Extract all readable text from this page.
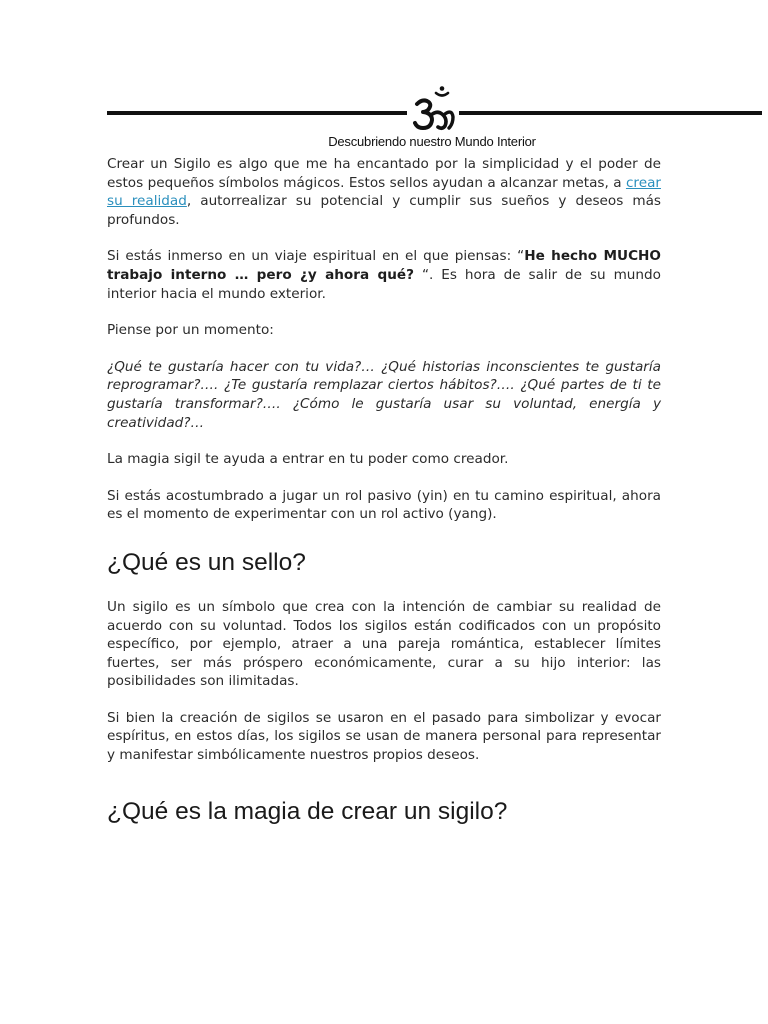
Descubriendo nuestro Mundo Interior

Crear un Sigilo es algo que me ha encantado por la simplicidad y el poder de estos pequeños símbolos mágicos. Estos sellos ayudan a alcanzar metas, a crear su realidad, autorrealizar su potencial y cumplir sus sueños y deseos más profundos.

Si estás inmerso en un viaje espiritual en el que piensas: “He hecho MUCHO trabajo interno … pero ¿y ahora qué? “. Es hora de salir de su mundo interior hacia el mundo exterior.

Piense por un momento:

¿Qué te gustaría hacer con tu vida?… ¿Qué historias inconscientes te gustaría reprogramar?…. ¿Te gustaría remplazar ciertos hábitos?…. ¿Qué partes de ti te gustaría transformar?…. ¿Cómo le gustaría usar su voluntad, energía y creatividad?…

La magia sigil te ayuda a entrar en tu poder como creador.

Si estás acostumbrado a jugar un rol pasivo (yin) en tu camino espiritual, ahora es el momento de experimentar con un rol activo (yang).

¿Qué es un sello?

Un sigilo es un símbolo que crea con la intención de cambiar su realidad de acuerdo con su voluntad. Todos los sigilos están codificados con un propósito específico, por ejemplo, atraer a una pareja romántica, establecer límites fuertes, ser más próspero económicamente, curar a su hijo interior: las posibilidades son ilimitadas.

Si bien la creación de sigilos se usaron en el pasado para simbolizar y evocar espíritus, en estos días, los sigilos se usan de manera personal para representar y manifestar simbólicamente nuestros propios deseos.

¿Qué es la magia de crear un sigilo?
